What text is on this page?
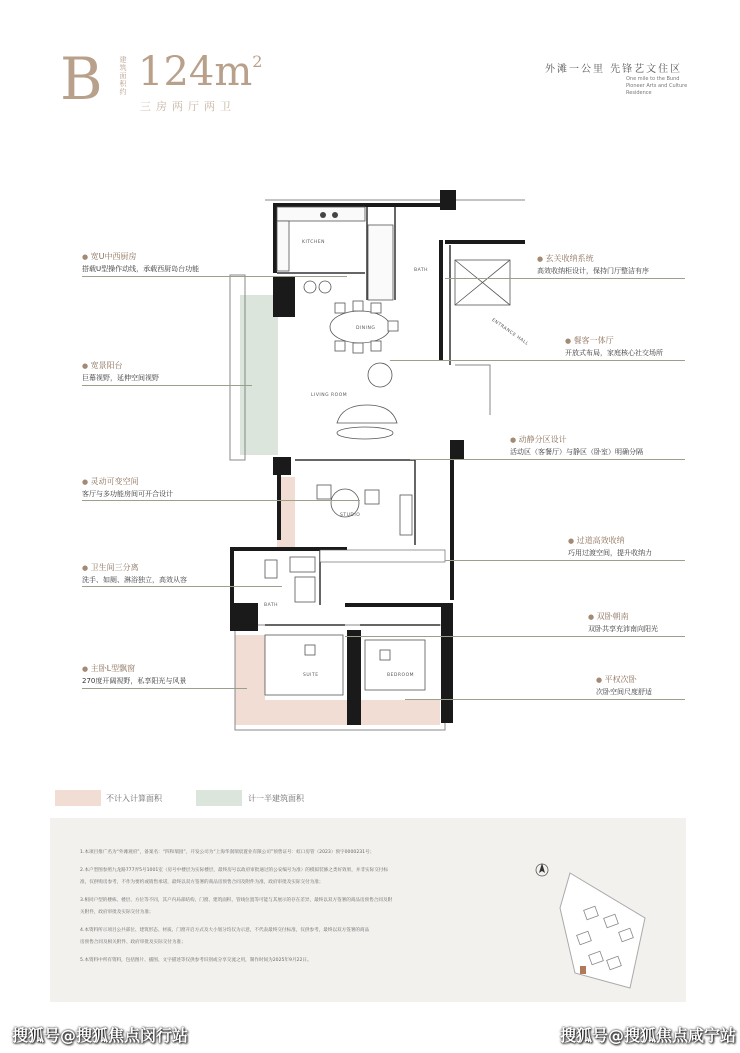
B 建筑面积约 $124m^2$
三房两厅两卫
外滩一公里 先锋艺文住区
One mile to the Bund Pioneer Arts and Culture Residence
KITCHEN
BATH
DINING
LIVING ROOM
STUDIO
BATH
SUITE	BEDROOM
ENTRANCE HALL
● 宽U中西厨房
搭载U型操作动线，承载西厨岛台功能
● 宽景阳台
巨幕视野，延伸空间视野
● 灵动可变空间
客厅与多功能房间可开合设计
● 卫生间三分离
洗手、如厕、淋浴独立，高效从容
● 主卧L型飘窗
270度开阔视野，私享阳光与风景
● 玄关收纳系统
高效收纳柜设计，保持门厅整洁有序
● 餐客一体厅
开放式布局，家庭核心社交场所
● 动静分区设计
活动区（客餐厅）与静区（卧室）明确分隔
● 过道高效收纳
巧用过渡空间，提升收纳力
● 双卧朝南
双卧共享充沛南向阳光
● 平权次卧
次卧空间尺度舒适
不计入计算面积	计一半建筑面积
1.本项目推广名为“外滩观府”，备案名：“四和瑞园”，开发公司为“上海华润瑞宸置业有限公司”预售证号：虹口房管（2023）预字0000231号；
2.本户型图参照九龙路777弄5号1001室（房号中楼层为实际楼层，最终房号以政府审批通过的公安编号为准）的模拟装修之类好效果，并非实际交付标
准，仅供购房参考，不作为要约或销售承诺，最终以双方签署的商品房预售合同及附件为准，政府审批及实际交付为准；
3.相同户型的楼栋、楼层、方位等不同，其户内局部结构、门窗、建筑面积、管线位置等可能与其展示的存在差异，最终以双方签署的商品房预售合同及附
关附件，政府审批及实际交付为准；
4.本资料所示项目公共部位、建筑形态、材质、门窗开启方式及大小划分均仅为示意，不代表最终交付标准，仅供参考，最终以双方签署的商品
房预售合同及相关附件、政府审批及实际交付为准；
5.本资料中所有资料，包括图片、插图、文字描述等仅供参考识别或分享交流之用，制作时间为2025年9月22日。
搜狐号@搜狐焦点闵行站	搜狐号@搜狐焦点咸宁站
